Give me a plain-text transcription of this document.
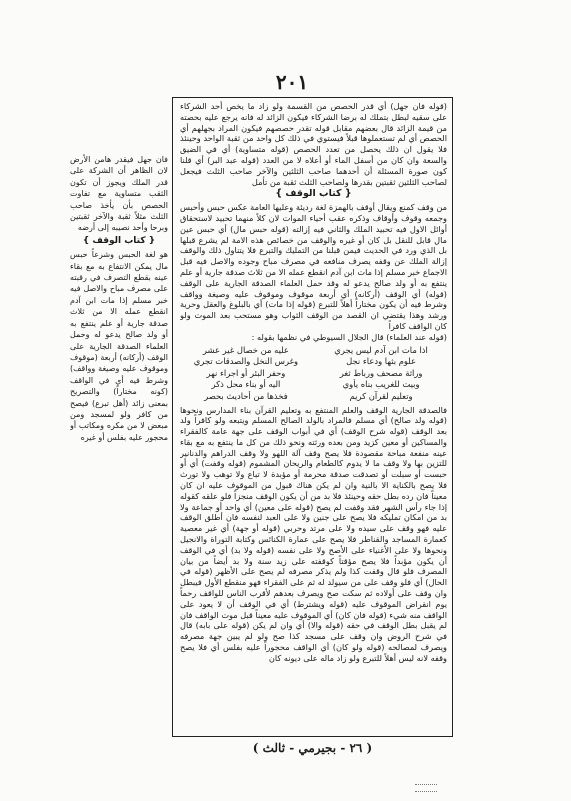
٢٠١

فان جهل فيقدر هامن الأرض لان الظاهر أن الشركة على قدر الملك ويجوز أن تكون الثقب متساوية مع تفاوت الحصص بأن يأخذ صاحب الثلث مثلاً ثقبة والآخر ثقبتين وبرحا وأحد نصيبه إلى أرضه

{ كتاب الوقف }

هو لغة الحبس وشرعاً حبس مال يمكن الانتفاع به مع بقاء عينه بقطع التصرف في رقبته على مصرف مباح والاصل فيه خبر مسلم إذا مات ابن آدم انقطع عمله الا من ثلاث صدقة جارية أو علم ينتفع به أو ولد صالح يدعو له وحمل العلماء الصدقة الجارية على الوقف (أركانه) أربعة (موقوف وموقوف عليه وصيغة وواقف) وشرط فيه أي في الواقف (كونه مختاراً) والتصريح بمعنى زائد (أهل تبرع) فيصح من كافر ولو لمسجد ومن مبعض لا من مكره ومكاتب أو محجور عليه بفلس أو غيره

(قوله فان جهل) أي قدر الحصص من القسمة ولو زاد ما يخص أحد الشركاء على سقيه لبطل بتملك له برضا الشركاء فيكون الزائد له فانه يرجع عليه بحصته من قيمة الزائد قال بعضهم مقابل قوله تقدر حصصهم فيكون المراد بجهلهم أي الحصص أي لم تستعملوها قبلاً فيستوي في ذلك كل واحد من ثقبة الواحد وحينئذ فلا يقول ان ذلك يحصل من تعدد الحصص (قوله متساوية) أي في الضيق والسعة وان كان من أسفل الماء أو أعلاه لا من العدد (قوله عبد البر) أي قلنا كون صورة المسئلة أن أحدهما صاحب الثلثين والآخر صاحب الثلث فيجعل لصاحب الثلثين ثقبتين بقدرها ولصاحب الثلث ثقبة من تأمل

{ كتاب الوقف }

من وقف كمنع ويقال أوقف بالهمزة لغة رديئة وعليها العامة عكس حبس وأحبس وجمعه وقوف وأوقاف وذكره عقب أحياء الموات لان كلاً منهما تحبيد لاستحقاق أوائل الاول فيه تحبيد الملك والثاني فيه إزالته (قوله حبس مال) أي حبس عين مال قابل للنقل بل كان أو غيره والوقف من خصائص هذه الامة لم يشرع قبلها بل الذي ورد في الحديث فيمن قبلنا من التمليك والتبرع فلا يتناول ذلك والوقف إزالة الملك عن وقفه يصرف منافعه في مصرف مباح وجوده والاصل فيه قبل الاجماع خبر مسلم إذا مات ابن آدم انقطع عمله الا من ثلاث صدقة جارية أو علم ينتفع به أو ولد صالح يدعو له وقد حمل العلماء الصدقة الجارية على الوقف (قوله) أي الوقف (أركانه) أي أربعة موقوف وموقوف عليه وصيغة وواقف وشرط فيه أن يكون مختاراً أهلاً للتبرع (قوله إذا مات) أي بالبلوغ والعقل وحرية ورشد وهذا يقتضي ان القصد من الوقف الثواب وهو مستحب بعد الموت ولو كان الواقف كافراً

(قوله عند العلماء) قال الجلال السيوطي في نظمها بقوله :

اذا مات ابن آدم ليس يجري
عليه من خصال غير عشر
علوم بثها ودعاء نجل
وغرس النخل والصدقات تجري
وراثة مصحف ورباط ثغر
وحفر البئر أو اجراء نهر
وبيت للغريب بناه يأوي
اليه أو بناء محل ذكر
وتعليم لقرآن كريم
فخذها من أحاديث بحصر

فالصدقة الجارية الوقف والعلم المنتفع به وتعليم القرآن بناء المدارس ونحوها (قوله ولد صالح) أي مسلم فالمراد بالولد الصالح المسلم ويتبعه ولو كافراً ولد بعد الوقف (قوله شرح الوقف) أي في أبواب الوقف على جهة عامة كالفقراء والمساكين أو معين كزيد ومن بعده ورثته ونحو ذلك من كل ما ينتفع به مع بقاء عينه منفعة مباحة مقصودة فلا يصح وقف آلة اللهو ولا وقف الدراهم والدنانير للتزين بها ولا وقف ما لا يدوم كالطعام والريحان المشموم (قوله وقفت) أي أو حبست أو سبلت أو تصدقت صدقة محرمة أو مؤبدة لا تباع ولا توهب ولا تورث فلا يصح بالكناية الا بالنية وان لم يكن هناك قبول من الموقوف عليه ان كان معيناً فان رده بطل حقه وحينئذ فلا بد من أن يكون الوقف منجزاً فلو علقه كقوله إذا جاء رأس الشهر فقد وقفت لم يصح (قوله على معين) أي واحد أو جماعة ولا بد من امكان تمليكه فلا يصح على جنين ولا على العبد لنفسه فان أطلق الوقف عليه فهو وقف على سيده ولا على مرتد وحربي (قوله أو جهة) أي غير معصية كعمارة المساجد والقناطر فلا يصح على عمارة الكنائس وكتابة التوراة والانجيل ونحوها ولا على الأغنياء على الأصح ولا على نفسه (قوله ولا بد) أي في الوقف أن يكون مؤبداً فلا يصح مؤقتاً كوقفته على زيد سنة ولا بد أيضاً من بيان المصرف فلو قال وقفت كذا ولم يذكر مصرفه لم يصح على الأظهر (قوله في الحال) أي فلو وقف على من سيولد له ثم على الفقراء فهو منقطع الأول فيبطل وان وقف على أولاده ثم سكت صح ويصرف بعدهم لأقرب الناس للواقف رحماً يوم انقراض الموقوف عليه (قوله ويشترط) أي في الوقف أن لا يعود على الواقف منه شيء (قوله فان كان) أي الموقوف عليه معيناً قبل موت الواقف فان لم يقبل بطل الوقف في حقه (قوله والا) أي وان لم يكن (قوله على بابه) قال في شرح الروض وان وقف على مسجد كذا صح ولو لم يبين جهة مصرفه ويصرف لمصالحه (قوله ولو كان) أي الواقف محجوراً عليه بفلس أي فلا يصح وقفه لانه ليس أهلاً للتبرع ولو زاد ماله على ديونه كان

( ٢٦ - بجيرمي - ثالث )
